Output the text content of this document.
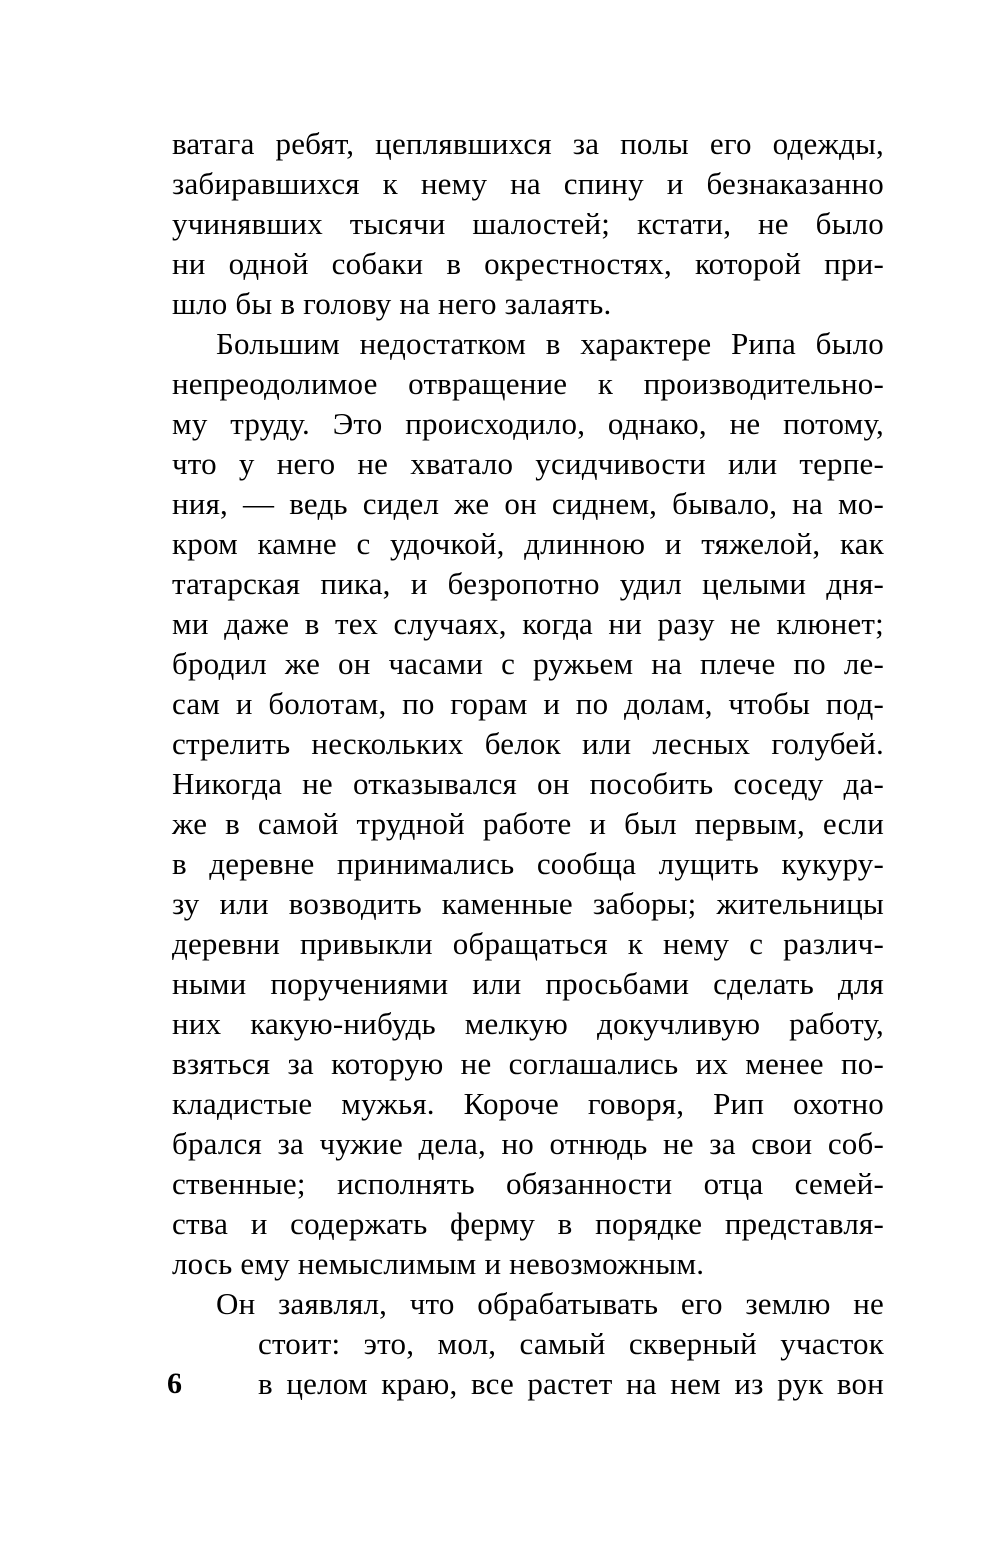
ватага ребят, цеплявшихся за полы его одежды,
забиравшихся к нему на спину и безнаказанно
учинявших тысячи шалостей; кстати, не было
ни одной собаки в окрестностях, которой при-
шло бы в голову на него залаять.
Большим недостатком в характере Рипа было
непреодолимое отвращение к производительно-
му труду. Это происходило, однако, не потому,
что у него не хватало усидчивости или терпе-
ния, — ведь сидел же он сиднем, бывало, на мо-
кром камне с удочкой, длинною и тяжелой, как
татарская пика, и безропотно удил целыми дня-
ми даже в тех случаях, когда ни разу не клюнет;
бродил же он часами с ружьем на плече по ле-
сам и болотам, по горам и по долам, чтобы под-
стрелить нескольких белок или лесных голубей.
Никогда не отказывался он пособить соседу да-
же в самой трудной работе и был первым, если
в деревне принимались сообща лущить кукуру-
зу или возводить каменные заборы; жительницы
деревни привыкли обращаться к нему с различ-
ными поручениями или просьбами сделать для
них какую-нибудь мелкую докучливую работу,
взяться за которую не соглашались их менее по-
кладистые мужья. Короче говоря, Рип охотно
брался за чужие дела, но отнюдь не за свои соб-
ственные; исполнять обязанности отца семей-
ства и содержать ферму в порядке представля-
лось ему немыслимым и невозможным.
Он заявлял, что обрабатывать его землю не
стоит: это, мол, самый скверный участок
в целом краю, все растет на нем из рук вон
6
